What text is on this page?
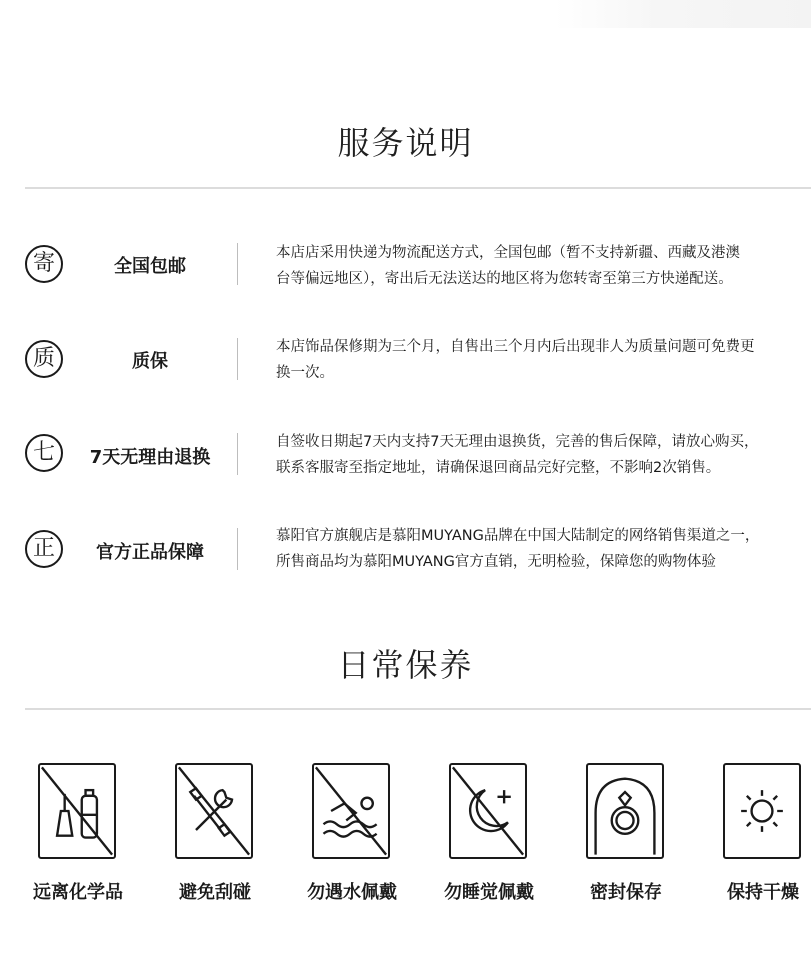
服务说明
寄	全国包邮
本店店采用快递为物流配送方式，全国包邮（暂不支持新疆、西藏及港澳
台等偏远地区），寄出后无法送达的地区将为您转寄至第三方快递配送。
质	质保
本店饰品保修期为三个月，自售出三个月内后出现非人为质量问题可免费更
换一次。
七	7天无理由退换
自签收日期起7天内支持7天无理由退换货，完善的售后保障，请放心购买，
联系客服寄至指定地址，请确保退回商品完好完整，不影响2次销售。
正	官方正品保障
慕阳官方旗舰店是慕阳MUYANG品牌在中国大陆制定的网络销售渠道之一，
所售商品均为慕阳MUYANG官方直销，无明检验，保障您的购物体验
日常保养
远离化学品	避免刮碰	勿遇水佩戴	勿睡觉佩戴	密封保存	保持干燥
